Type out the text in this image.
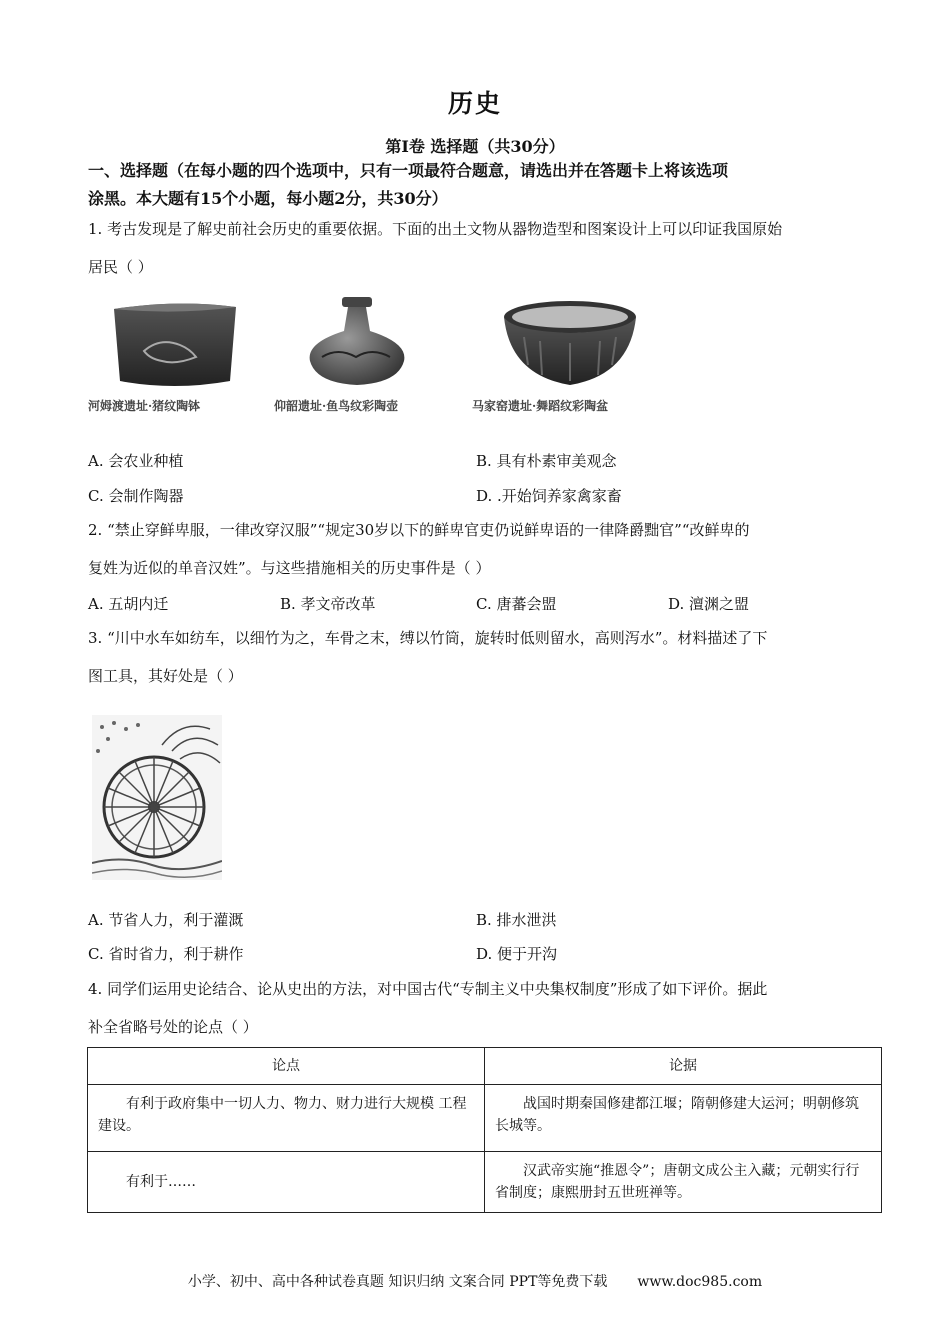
历史
第Ⅰ卷 选择题（共30分）
一、选择题（在每小题的四个选项中，只有一项最符合题意，请选出并在答题卡上将该选项
涂黑。本大题有15个小题，每小题2分，共30分）
1. 考古发现是了解史前社会历史的重要依据。下面的出土文物从器物造型和图案设计上可以印证我国原始
居民（ ）
河姆渡遗址·猪纹陶钵	仰韶遗址·鱼鸟纹彩陶壶	马家窑遗址·舞蹈纹彩陶盆
A. 会农业种植	B. 具有朴素审美观念
C. 会制作陶器	D. .开始饲养家禽家畜
2. “禁止穿鲜卑服，一律改穿汉服”“规定30岁以下的鲜卑官吏仍说鲜卑语的一律降爵黜官”“改鲜卑的
复姓为近似的单音汉姓”。与这些措施相关的历史事件是（ ）
A. 五胡内迁	B. 孝文帝改革	C. 唐蕃会盟	D. 澶渊之盟
3. “川中水车如纺车，以细竹为之，车骨之末，缚以竹筒，旋转时低则留水，高则泻水”。材料描述了下
图工具，其好处是（ ）
A. 节省人力，利于灌溉	B. 排水泄洪
C. 省时省力，利于耕作	D. 便于开沟
4. 同学们运用史论结合、论从史出的方法，对中国古代“专制主义中央集权制度”形成了如下评价。据此
补全省略号处的论点（ ）
论点	论据
有利于政府集中一切人力、物力、财力进行大规模 工程建设。	战国时期秦国修建都江堰；隋朝修建大运河；明朝修筑长城等。
有利于……	汉武帝实施“推恩令”；唐朝文成公主入藏；元朝实行行省制度；康熙册封五世班禅等。
小学、初中、高中各种试卷真题 知识归纳 文案合同 PPT等免费下载 www.doc985.com
